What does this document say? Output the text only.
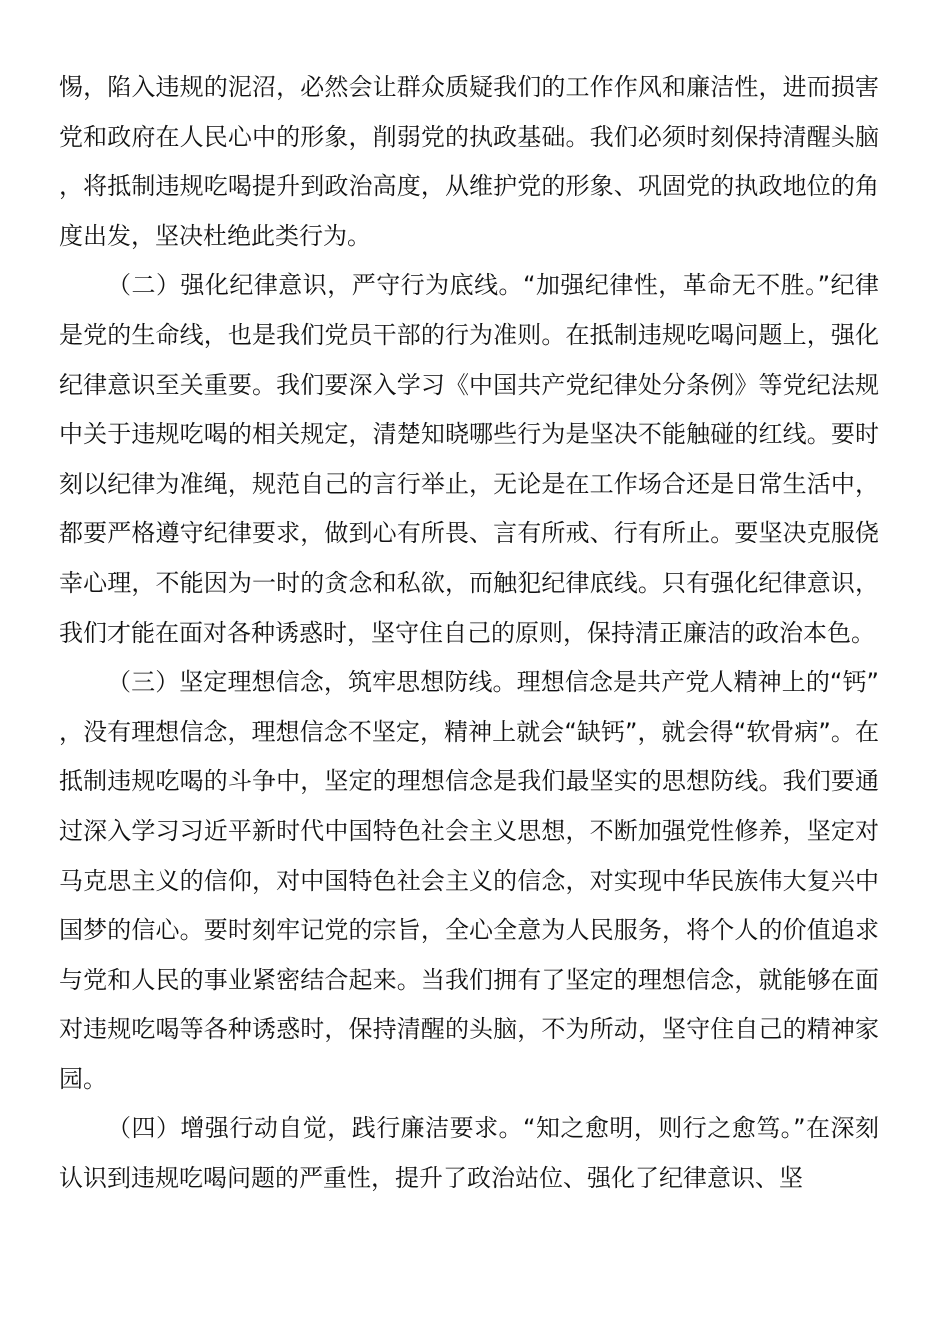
惕，陷入违规的泥沼，必然会让群众质疑我们的工作作风和廉洁性，进而损害党和政府在人民心中的形象，削弱党的执政基础。我们必须时刻保持清醒头脑，将抵制违规吃喝提升到政治高度，从维护党的形象、巩固党的执政地位的角度出发，坚决杜绝此类行为。

（二）强化纪律意识，严守行为底线。“加强纪律性，革命无不胜。”纪律是党的生命线，也是我们党员干部的行为准则。在抵制违规吃喝问题上，强化纪律意识至关重要。我们要深入学习《中国共产党纪律处分条例》等党纪法规中关于违规吃喝的相关规定，清楚知晓哪些行为是坚决不能触碰的红线。要时刻以纪律为准绳，规范自己的言行举止，无论是在工作场合还是日常生活中，都要严格遵守纪律要求，做到心有所畏、言有所戒、行有所止。要坚决克服侥幸心理，不能因为一时的贪念和私欲，而触犯纪律底线。只有强化纪律意识，我们才能在面对各种诱惑时，坚守住自己的原则，保持清正廉洁的政治本色。

（三）坚定理想信念，筑牢思想防线。理想信念是共产党人精神上的“钙”，没有理想信念，理想信念不坚定，精神上就会“缺钙”，就会得“软骨病”。在抵制违规吃喝的斗争中，坚定的理想信念是我们最坚实的思想防线。我们要通过深入学习习近平新时代中国特色社会主义思想，不断加强党性修养，坚定对马克思主义的信仰，对中国特色社会主义的信念，对实现中华民族伟大复兴中国梦的信心。要时刻牢记党的宗旨，全心全意为人民服务，将个人的价值追求与党和人民的事业紧密结合起来。当我们拥有了坚定的理想信念，就能够在面对违规吃喝等各种诱惑时，保持清醒的头脑，不为所动，坚守住自己的精神家园。

（四）增强行动自觉，践行廉洁要求。“知之愈明，则行之愈笃。”在深刻认识到违规吃喝问题的严重性，提升了政治站位、强化了纪律意识、坚
